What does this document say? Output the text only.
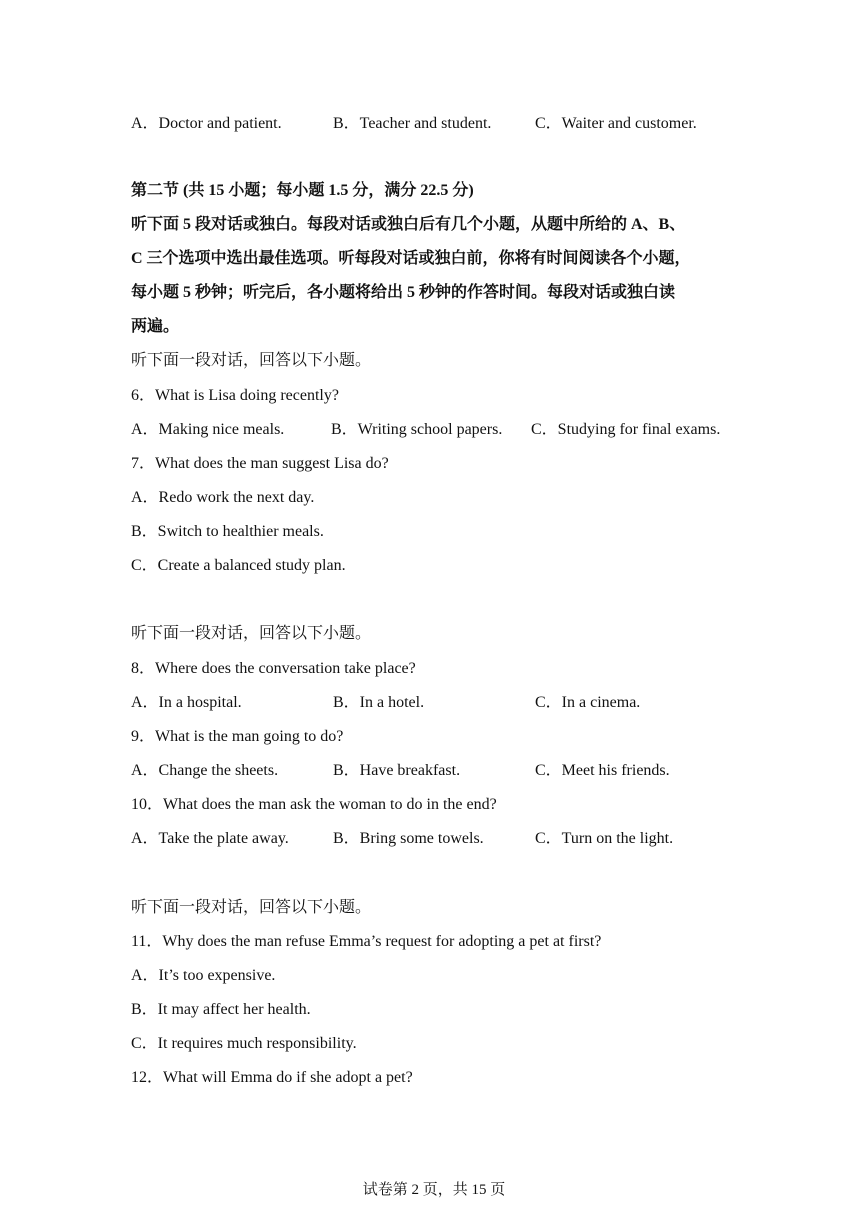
A．Doctor and patient.	B．Teacher and student.	C．Waiter and customer.
第二节 (共 15 小题；每小题 1.5 分，满分 22.5 分)
听下面 5 段对话或独白。每段对话或独白后有几个小题，从题中所给的 A、B、
C 三个选项中选出最佳选项。听每段对话或独白前，你将有时间阅读各个小题，
每小题 5 秒钟；听完后，各小题将给出 5 秒钟的作答时间。每段对话或独白读
两遍。
听下面一段对话，回答以下小题。
6．What is Lisa doing recently?
A．Making nice meals.	B．Writing school papers. C．Studying for final exams.
7．What does the man suggest Lisa do?
A．Redo work the next day.
B．Switch to healthier meals.
C．Create a balanced study plan.
听下面一段对话，回答以下小题。
8．Where does the conversation take place?
A．In a hospital.	B．In a hotel.	C．In a cinema.
9．What is the man going to do?
A．Change the sheets.	B．Have breakfast.	C．Meet his friends.
10．What does the man ask the woman to do in the end?
A．Take the plate away.	B．Bring some towels.	C．Turn on the light.
听下面一段对话，回答以下小题。
11．Why does the man refuse Emma’s request for adopting a pet at first?
A．It’s too expensive.
B．It may affect her health.
C．It requires much responsibility.
12．What will Emma do if she adopt a pet?
试卷第 2 页，共 15 页
